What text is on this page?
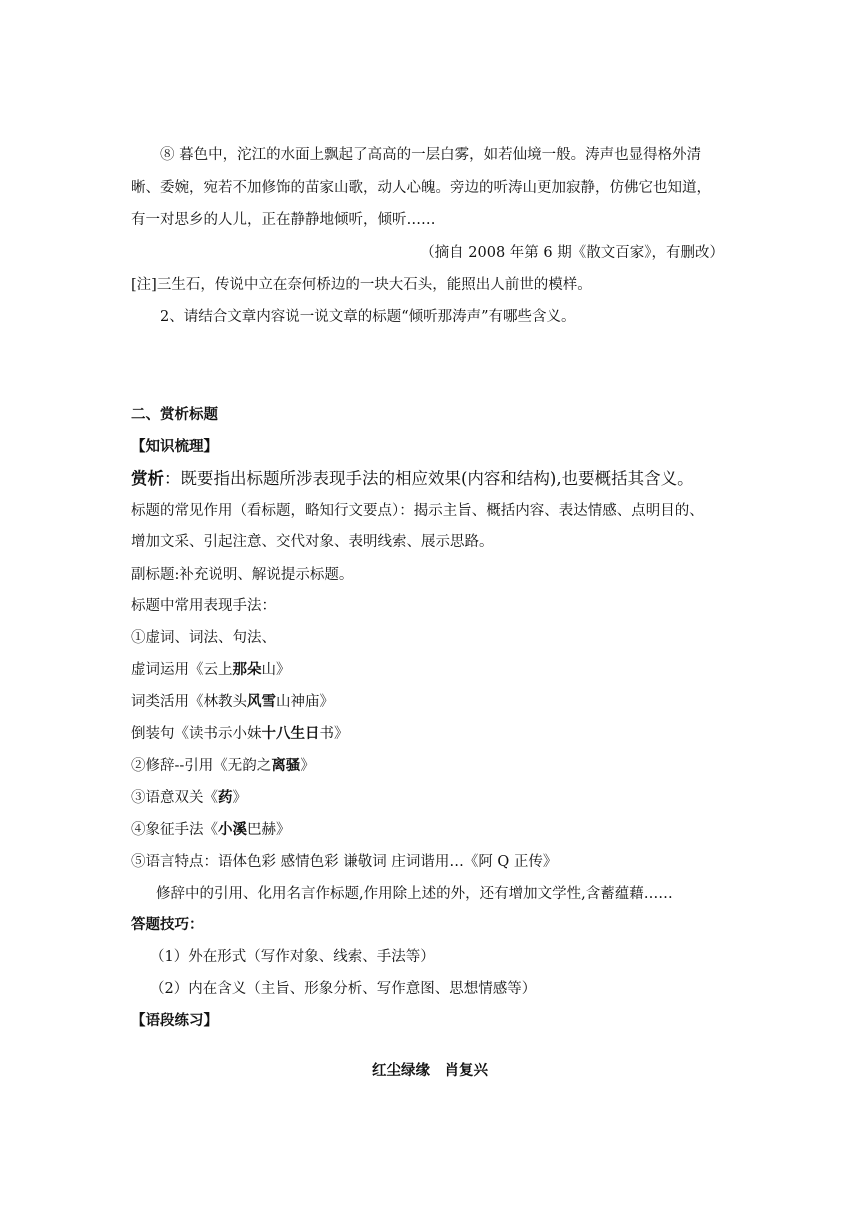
⑧ 暮色中，沱江的水面上飘起了高高的一层白雾，如若仙境一般。涛声也显得格外清
晰、委婉，宛若不加修饰的苗家山歌，动人心魄。旁边的听涛山更加寂静，仿佛它也知道，
有一对思乡的人儿，正在静静地倾听，倾听……
（摘自 2008 年第 6 期《散文百家》，有删改）
[注]三生石，传说中立在奈何桥边的一块大石头，能照出人前世的模样。
2、请结合文章内容说一说文章的标题“倾听那涛声”有哪些含义。
二、赏析标题
【知识梳理】
赏析：既要指出标题所涉表现手法的相应效果(内容和结构),也要概括其含义。
标题的常见作用（看标题，略知行文要点）：揭示主旨、概括内容、表达情感、点明目的、
增加文采、引起注意、交代对象、表明线索、展示思路。
副标题:补充说明、解说提示标题。
标题中常用表现手法：
①虚词、词法、句法、
虚词运用《云上那朵山》
词类活用《林教头风雪山神庙》
倒装句《读书示小妹十八生日书》
②修辞--引用《无韵之离骚》
③语意双关《药》
④象征手法《小溪巴赫》
⑤语言特点：语体色彩 感情色彩 谦敬词 庄词谐用…《阿 Q 正传》
修辞中的引用、化用名言作标题,作用除上述的外，还有增加文学性,含蓄蕴藉……
答题技巧：
（1）外在形式（写作对象、线索、手法等）
（2）内在含义（主旨、形象分析、写作意图、思想情感等）
【语段练习】
红尘绿缘　肖复兴
